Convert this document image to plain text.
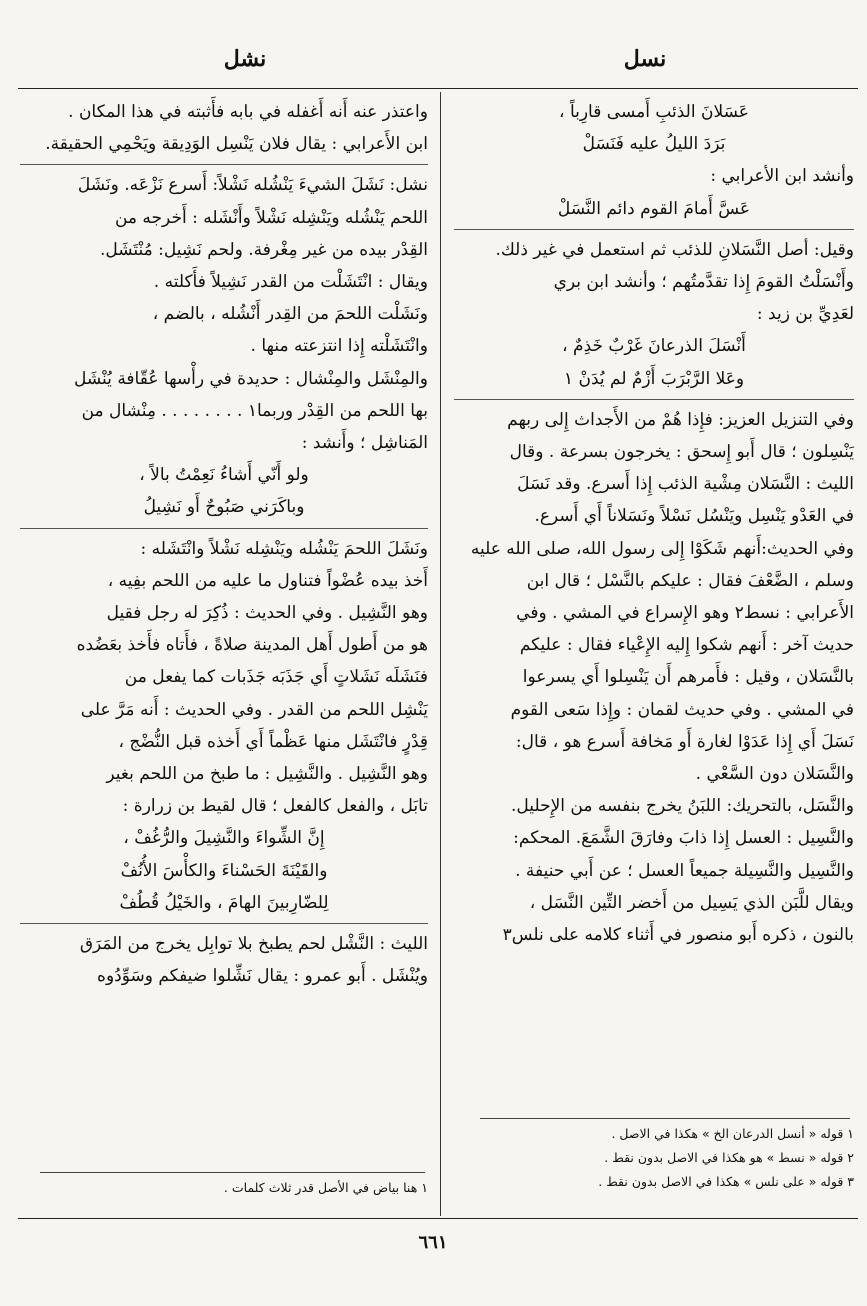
نسل
نشل

عَسَلانَ الذئبِ أَمسى قارِباً ،

بَرَدَ الليلُ عليه فَنَسَلْ

وأنشد ابن الأعرابي :

عَسَّ أَمامَ القوم دائم النَّسَلْ

وقيل: أصل النَّسَلانِ للذئب ثم استعمل في غير ذلك.

وأَنْسَلْتُ القومَ إِذا تقدَّمتُهم ؛ وأنشد ابن بري

لعَدِيِّ بن زيد :

أَنْسَلَ الذرعانَ غَرْبٌ خَذِمٌ ،

وعَلا الرَّبْرَبَ أَزْمٌ لم يُدَنْ ١

وفي التنزيل العزيز: فإِذا هُمْ من الأَجداث إِلى ربهم

يَنْسِلون ؛ قال أَبو إِسحق : يخرجون بسرعة . وقال

الليث : النَّسَلان مِشْية الذئب إِذا أَسرع. وقد نَسَلَ

في العَدْو يَنْسِل ويَنْسُل نَسْلاً ونَسَلاناً أَي أَسرع.

وفي الحديث:أَنهم شَكَوْا إِلى رسول الله، صلى الله عليه

وسلم ، الضَّعْفَ فقال : عليكم بالنَّسْل ؛ قال ابن

الأَعرابي : نسط٢ وهو الإِسراع في المشي . وفي

حديث آخر : أَنهم شكوا إِليه الإِعْياء فقال : عليكم

بالنَّسَلان ، وقيل : فأَمرهم أَن يَنْسِلوا أَي يسرعوا

في المشي . وفي حديث لقمان : وإِذا سَعى القوم

نَسَلَ أَي إِذا عَدَوْا لغارة أَو مَخافة أَسرع هو ، قال:

والنَّسَلان دون السَّعْي .

والنَّسَل، بالتحريك: اللبَنُ يخرج بنفسه من الإِحليل.

والنَّسِيل : العسل إِذا ذابَ وفارَقَ الشَّمَعَ. المحكم:

والنَّسِيل والنَّسِيلة جميعاً العسل ؛ عن أَبي حنيفة .

ويقال للَّبَن الذي يَسِيل من أَخضر التِّين النَّسَل ،

بالنون ، ذكره أَبو منصور في أَثناء كلامه على نلس٣

واعتذر عنه أَنه أَغفله في بابه فأَثبته في هذا المكان .

ابن الأَعرابي : يقال فلان يَنْسِل الوَدِيقة ويَحْمِي الحقيقة.

نشل: نَشَلَ الشيءَ يَنْشُله نَشْلاً: أَسرع نَزْعَه. ونَشَلَ

اللحم يَنْشُله ويَنْشِله نَشْلاً وأَنْشَله : أَخرجه من

القِدْر بيده من غير مِغْرفة. ولحم نَشِيل: مُنْتَشَل.

ويقال : انْتَشَلْت من القدر نَشِيلاً فأَكلته .

ونَشَلْت اللحمَ من القِدر أَنْشُله ، بالضم ،

وانْتَشَلْته إِذا انتزعته منها .

والمِنْشَل والمِنْشال : حديدة في رأْسها عُقّافة يُنْشَل

بها اللحم من القِدْر وربما١ . . . . . . . . مِنْشال من

المَناشِل ؛ وأَنشد :

ولو أَنّي أَشاءُ نَعِمْتُ بالاً ،

وباكَرَني صَبُوحٌ أَو نَشِيلُ

ونَشَلَ اللحمَ يَنْشُله ويَنْشِله نَشْلاً وانْتَشَله :

أَخذ بيده عُضْواً فتناول ما عليه من اللحم بفِيه ،

وهو النَّشِيل . وفي الحديث : ذُكِرَ له رجل فقيل

هو من أَطول أَهل المدينة صلاةً ، فأَتاه فأَخذ بعَضُده

فنَشَلَه نَشَلاتٍ أَي جَذَبَه جَذَبات كما يفعل من

يَنْشِل اللحم من القدر . وفي الحديث : أَنه مَرَّ على

قِدْرٍ فانْتَشَل منها عَظْماً أَي أَخذه قبل النُّضْج ،

وهو النَّشِيل . والنَّشِيل : ما طبخ من اللحم بغير

تابَل ، والفعل كالفعل ؛ قال لقيط بن زرارة :

إِنَّ الشِّواءَ والنَّشِيلَ والرُّغُفْ ،

والقَيْنَةَ الحَسْناءَ والكأْسَ الأُنُفْ

لِلضّارِبينَ الهامَ ، والخَيْلُ قُطُفْ

الليث : النَّشْل لحم يطبخ بلا توابِل يخرج من المَرَق

ويُنْشَل . أَبو عمرو : يقال نَشِّلوا ضيفكم وسَوِّدُوه

١ قوله « أنسل الدرعان الخ » هكذا في الاصل .
٢ قوله « نسط » هو هكذا في الاصل بدون نقط .
٣ قوله « على نلس » هكذا في الاصل بدون نقط .
١ هنا بياض في الأصل قدر ثلاث كلمات .
٦٦١
